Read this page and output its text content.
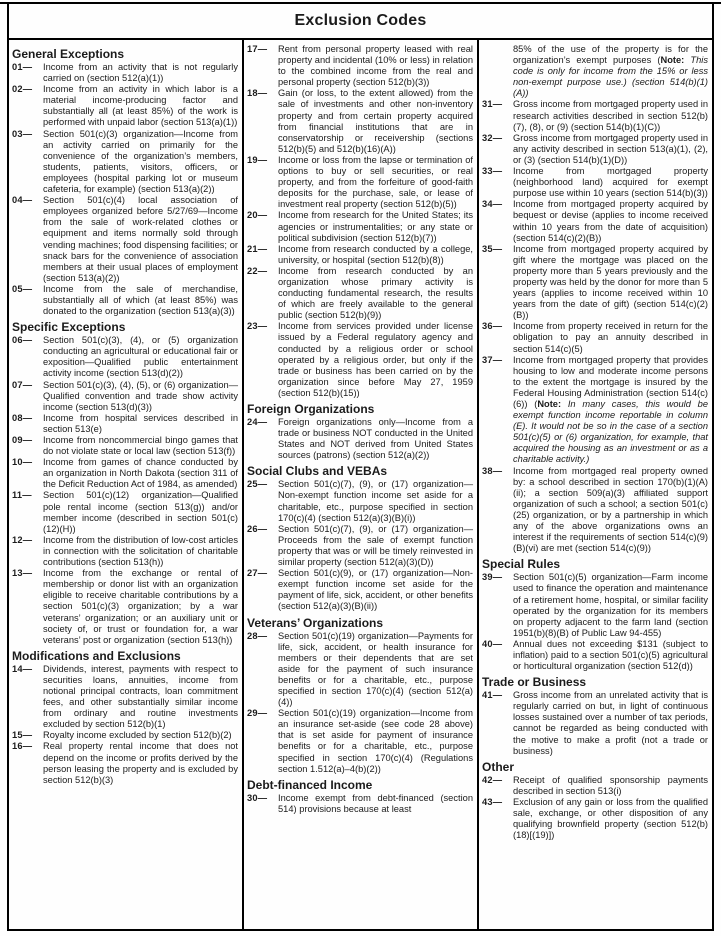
Exclusion Codes
General Exceptions
01—	Income from an activity that is not regularly carried on (section 512(a)(1))
02—	Income from an activity in which labor is a material income-producing factor and substantially all (at least 85%) of the work is performed with unpaid labor (section 513(a)(1))
03—	Section 501(c)(3) organization—Income from an activity carried on primarily for the convenience of the organization’s members, students, patients, visitors, officers, or employees (hospital parking lot or museum cafeteria, for example) (section 513(a)(2))
04—	Section 501(c)(4) local association of employees organized before 5/27/69—Income from the sale of work-related clothes or equipment and items normally sold through vending machines; food dispensing facilities; or snack bars for the convenience of association members at their usual places of employment (section 513(a)(2))
05—	Income from the sale of merchandise, substantially all of which (at least 85%) was donated to the organization (section 513(a)(3))
Specific Exceptions
06—	Section 501(c)(3), (4), or (5) organization conducting an agricultural or educational fair or exposition—Qualified public entertainment activity income (section 513(d)(2))
07—	Section 501(c)(3), (4), (5), or (6) organization—Qualified convention and trade show activity income (section 513(d)(3))
08—	Income from hospital services described in section 513(e)
09—	Income from noncommercial bingo games that do not violate state or local law (section 513(f))
10—	Income from games of chance conducted by an organization in North Dakota (section 311 of the Deficit Reduction Act of 1984, as amended)
11—	Section 501(c)(12) organization—Qualified pole rental income (section 513(g)) and/or member income (described in section 501(c)(12)(H))
12—	Income from the distribution of low-cost articles in connection with the solicitation of charitable contributions (section 513(h))
13—	Income from the exchange or rental of membership or donor list with an organization eligible to receive charitable contributions by a section 501(c)(3) organization; by a war veterans’ organization; or an auxiliary unit or society of, or trust or foundation for, a war veterans’ post or organization (section 513(h))
Modifications and Exclusions
14—	Dividends, interest, payments with respect to securities loans, annuities, income from notional principal contracts, loan commitment fees, and other substantially similar income from ordinary and routine investments excluded by section 512(b)(1)
15—	Royalty income excluded by section 512(b)(2)
16—	Real property rental income that does not depend on the income or profits derived by the person leasing the property and is excluded by section 512(b)(3)
17—	Rent from personal property leased with real property and incidental (10% or less) in relation to the combined income from the real and personal property (section 512(b)(3))
18—	Gain (or loss, to the extent allowed) from the sale of investments and other non-inventory property and from certain property acquired from financial institutions that are in conservatorship or receivership (sections 512(b)(5) and 512(b)(16)(A))
19—	Income or loss from the lapse or termination of options to buy or sell securities, or real property, and from the forfeiture of good-faith deposits for the purchase, sale, or lease of investment real property (section 512(b)(5))
20—	Income from research for the United States; its agencies or instrumentalities; or any state or political subdivision (section 512(b)(7))
21—	Income from research conducted by a college, university, or hospital (section 512(b)(8))
22—	Income from research conducted by an organization whose primary activity is conducting fundamental research, the results of which are freely available to the general public (section 512(b)(9))
23—	Income from services provided under license issued by a Federal regulatory agency and conducted by a religious order or school operated by a religious order, but only if the trade or business has been carried on by the organization since before May 27, 1959 (section 512(b)(15))
Foreign Organizations
24—	Foreign organizations only—Income from a trade or business NOT conducted in the United States and NOT derived from United States sources (patrons) (section 512(a)(2))
Social Clubs and VEBAs
25—	Section 501(c)(7), (9), or (17) organization—Non-exempt function income set aside for a charitable, etc., purpose specified in section 170(c)(4) (section 512(a)(3)(B)(i))
26—	Section 501(c)(7), (9), or (17) organization—Proceeds from the sale of exempt function property that was or will be timely reinvested in similar property (section 512(a)(3)(D))
27—	Section 501(c)(9), or (17) organization—Non-exempt function income set aside for the payment of life, sick, accident, or other benefits (section 512(a)(3)(B)(ii))
Veterans’ Organizations
28—	Section 501(c)(19) organization—Payments for life, sick, accident, or health insurance for members or their dependents that are set aside for the payment of such insurance benefits or for a charitable, etc., purpose specified in section 170(c)(4) (section 512(a)(4))
29—	Section 501(c)(19) organization—Income from an insurance set-aside (see code 28 above) that is set aside for payment of insurance benefits or for a charitable, etc., purpose specified in section 170(c)(4) (Regulations section 1.512(a)–4(b)(2))
Debt-financed Income
30—	Income exempt from debt-financed (section 514) provisions because at least
85% of the use of the property is for the organization’s exempt purposes (Note: This code is only for income from the 15% or less non-exempt purpose use.) (section 514(b)(1)(A))
31—	Gross income from mortgaged property used in research activities described in section 512(b)(7), (8), or (9) (section 514(b)(1)(C))
32—	Gross income from mortgaged property used in any activity described in section 513(a)(1), (2), or (3) (section 514(b)(1)(D))
33—	Income from mortgaged property (neighborhood land) acquired for exempt purpose use within 10 years (section 514(b)(3))
34—	Income from mortgaged property acquired by bequest or devise (applies to income received within 10 years from the date of acquisition) (section 514(c)(2)(B))
35—	Income from mortgaged property acquired by gift where the mortgage was placed on the property more than 5 years previously and the property was held by the donor for more than 5 years (applies to income received within 10 years from the date of gift) (section 514(c)(2)(B))
36—	Income from property received in return for the obligation to pay an annuity described in section 514(c)(5)
37—	Income from mortgaged property that provides housing to low and moderate income persons to the extent the mortgage is insured by the Federal Housing Administration (section 514(c)(6)) (Note: In many cases, this would be exempt function income reportable in column (E). It would not be so in the case of a section 501(c)(5) or (6) organization, for example, that acquired the housing as an investment or as a charitable activity.)
38—	Income from mortgaged real property owned by: a school described in section 170(b)(1)(A)(ii); a section 509(a)(3) affiliated support organization of such a school; a section 501(c)(25) organization, or by a partnership in which any of the above organizations owns an interest if the requirements of section 514(c)(9)(B)(vi) are met (section 514(c)(9))
Special Rules
39—	Section 501(c)(5) organization—Farm income used to finance the operation and maintenance of a retirement home, hospital, or similar facility operated by the organization for its members on property adjacent to the farm land (section 1951(b)(8)(B) of Public Law 94-455)
40—	Annual dues not exceeding $131 (subject to inflation) paid to a section 501(c)(5) agricultural or horticultural organization (section 512(d))
Trade or Business
41—	Gross income from an unrelated activity that is regularly carried on but, in light of continuous losses sustained over a number of tax periods, cannot be regarded as being conducted with the motive to make a profit (not a trade or business)
Other
42—	Receipt of qualified sponsorship payments described in section 513(i)
43—	Exclusion of any gain or loss from the qualified sale, exchange, or other disposition of any qualifying brownfield property (section 512(b)(18)[(19)])
